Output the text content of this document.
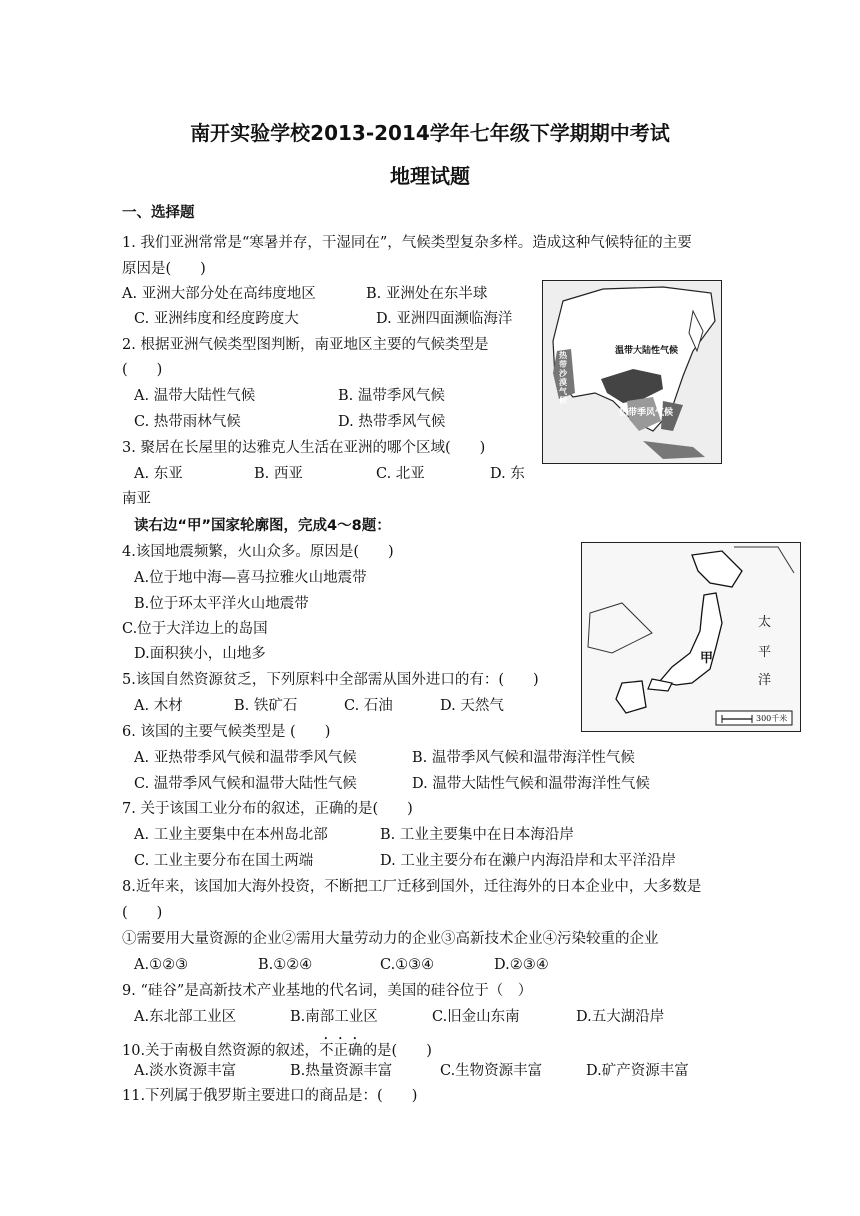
南开实验学校2013-2014学年七年级下学期期中考试
地理试题
一、选择题
1. 我们亚洲常常是“寒暑并存，干湿同在”，气候类型复杂多样。造成这种气候特征的主要
原因是(　　)
A. 亚洲大部分处在高纬度地区	B. 亚洲处在东半球
C. 亚洲纬度和经度跨度大	D. 亚洲四面濒临海洋
2. 根据亚洲气候类型图判断，南亚地区主要的气候类型是
(　　)
A. 温带大陆性气候	B. 温带季风气候
C. 热带雨林气候	D. 热带季风气候
3. 聚居在长屋里的达雅克人生活在亚洲的哪个区域(　　)
A. 东亚	B. 西亚	C. 北亚	D. 东
南亚
温带大陆性气候
热带季风气候
热带沙漠气候
读右边“甲”国家轮廓图，完成4～8题：
太
平
洋
甲
300千米
4.该国地震频繁，火山众多。原因是(　　)
A.位于地中海—喜马拉雅火山地震带
B.位于环太平洋火山地震带
C.位于大洋边上的岛国
D.面积狭小，山地多
5.该国自然资源贫乏，下列原料中全部需从国外进口的有：(　　)
A. 木材	B. 铁矿石	C. 石油	D. 天然气
6. 该国的主要气候类型是 (　　)
A. 亚热带季风气候和温带季风气候	B. 温带季风气候和温带海洋性气候
C. 温带季风气候和温带大陆性气候	D. 温带大陆性气候和温带海洋性气候
7. 关于该国工业分布的叙述，正确的是(　　)
A. 工业主要集中在本州岛北部	B. 工业主要集中在日本海沿岸
C. 工业主要分布在国土两端	D. 工业主要分布在濑户内海沿岸和太平洋沿岸
8.近年来，该国加大海外投资，不断把工厂迁移到国外，迁往海外的日本企业中，大多数是
(　　)
①需要用大量资源的企业②需用大量劳动力的企业③高新技术企业④污染较重的企业
A.①②③	B.①②④	C.①③④	D.②③④
9. “硅谷”是高新技术产业基地的代名词，美国的硅谷位于（　）
A.东北部工业区	B.南部工业区	C.旧金山东南	D.五大湖沿岸
10.关于南极自然资源的叙述，不正确的是(　　)
A.淡水资源丰富	B.热量资源丰富	C.生物资源丰富	D.矿产资源丰富
11.下列属于俄罗斯主要进口的商品是：(　　)
